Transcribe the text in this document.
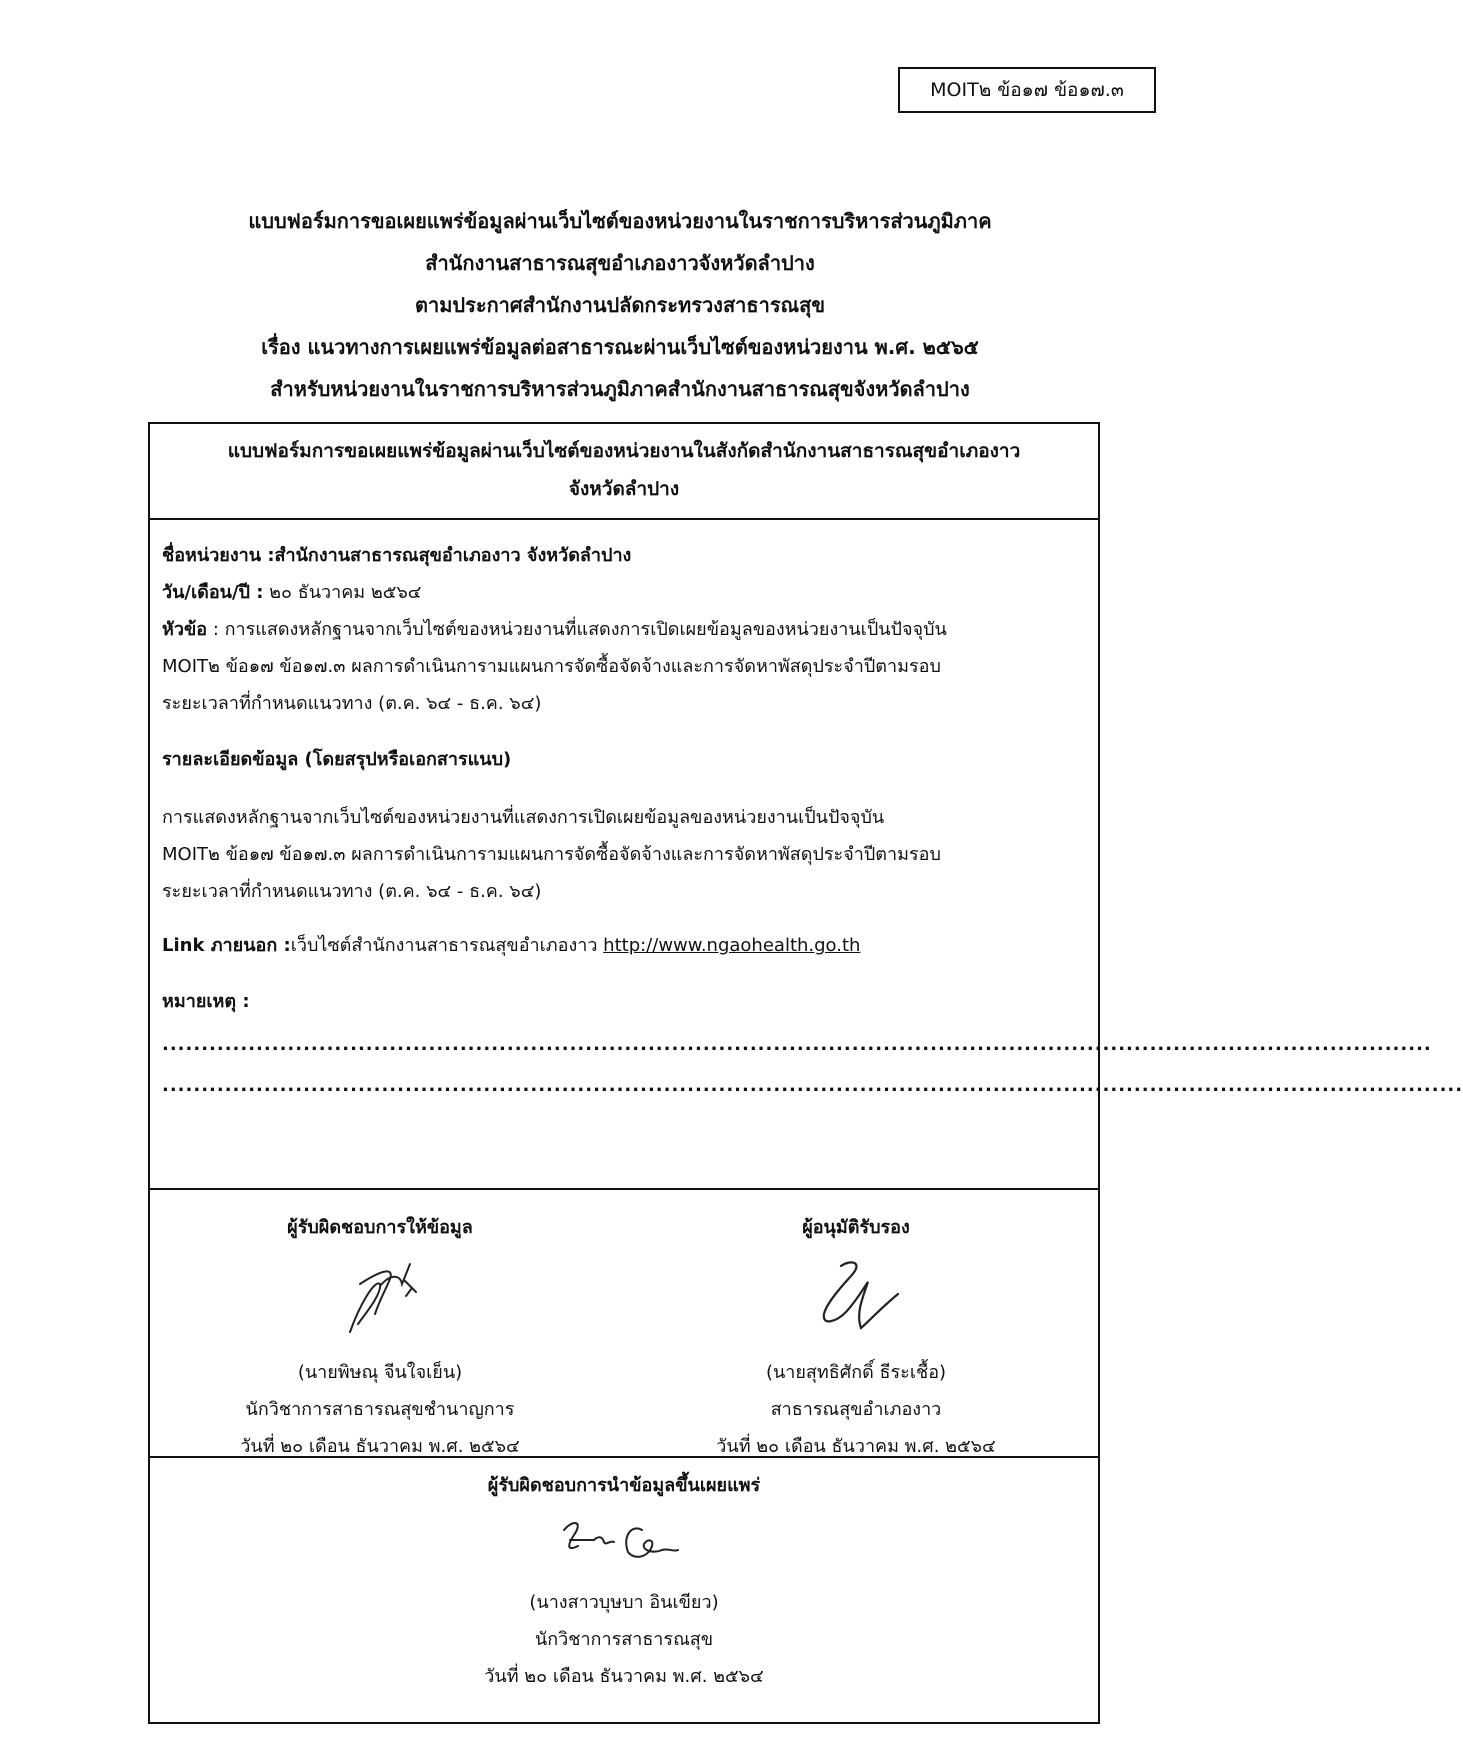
MOIT๒ ข้อ๑๗ ข้อ๑๗.๓
แบบฟอร์มการขอเผยแพร่ข้อมูลผ่านเว็บไซต์ของหน่วยงานในราชการบริหารส่วนภูมิภาค
สำนักงานสาธารณสุขอำเภองาวจังหวัดลำปาง
ตามประกาศสำนักงานปลัดกระทรวงสาธารณสุข
เรื่อง แนวทางการเผยแพร่ข้อมูลต่อสาธารณะผ่านเว็บไซต์ของหน่วยงาน พ.ศ. ๒๕๖๕
สำหรับหน่วยงานในราชการบริหารส่วนภูมิภาคสำนักงานสาธารณสุขจังหวัดลำปาง
แบบฟอร์มการขอเผยแพร่ข้อมูลผ่านเว็บไซต์ของหน่วยงานในสังกัดสำนักงานสาธารณสุขอำเภองาว
จังหวัดลำปาง
ชื่อหน่วยงาน :สำนักงานสาธารณสุขอำเภองาว จังหวัดลำปาง
วัน/เดือน/ปี : ๒๐ ธันวาคม ๒๕๖๔
หัวข้อ : การแสดงหลักฐานจากเว็บไซต์ของหน่วยงานที่แสดงการเปิดเผยข้อมูลของหน่วยงานเป็นปัจจุบัน
MOIT๒ ข้อ๑๗ ข้อ๑๗.๓ ผลการดำเนินการามแผนการจัดซื้อจัดจ้างและการจัดหาพัสดุประจำปีตามรอบ
ระยะเวลาที่กำหนดแนวทาง (ต.ค. ๖๔ - ธ.ค. ๖๔)
รายละเอียดข้อมูล (โดยสรุปหรือเอกสารแนบ)
การแสดงหลักฐานจากเว็บไซต์ของหน่วยงานที่แสดงการเปิดเผยข้อมูลของหน่วยงานเป็นปัจจุบัน
MOIT๒ ข้อ๑๗ ข้อ๑๗.๓ ผลการดำเนินการามแผนการจัดซื้อจัดจ้างและการจัดหาพัสดุประจำปีตามรอบ
ระยะเวลาที่กำหนดแนวทาง (ต.ค. ๖๔ - ธ.ค. ๖๔)
Link ภายนอก :เว็บไซต์สำนักงานสาธารณสุขอำเภองาว http://www.ngaohealth.go.th
หมายเหตุ :
..................................................................................................................................................................
......................................................................................................................................................................
ผู้รับผิดชอบการให้ข้อมูล
(นายพิษณุ จีนใจเย็น)
นักวิชาการสาธารณสุขชำนาญการ
วันที่ ๒๐ เดือน ธันวาคม พ.ศ. ๒๕๖๔
ผู้อนุมัติรับรอง
(นายสุทธิศักดิ์ ธีระเชื้อ)
สาธารณสุขอำเภองาว
วันที่ ๒๐ เดือน ธันวาคม พ.ศ. ๒๕๖๔
ผู้รับผิดชอบการนำข้อมูลขึ้นเผยแพร่
(นางสาวบุษบา อินเขียว)
นักวิชาการสาธารณสุข
วันที่ ๒๐ เดือน ธันวาคม พ.ศ. ๒๕๖๔
